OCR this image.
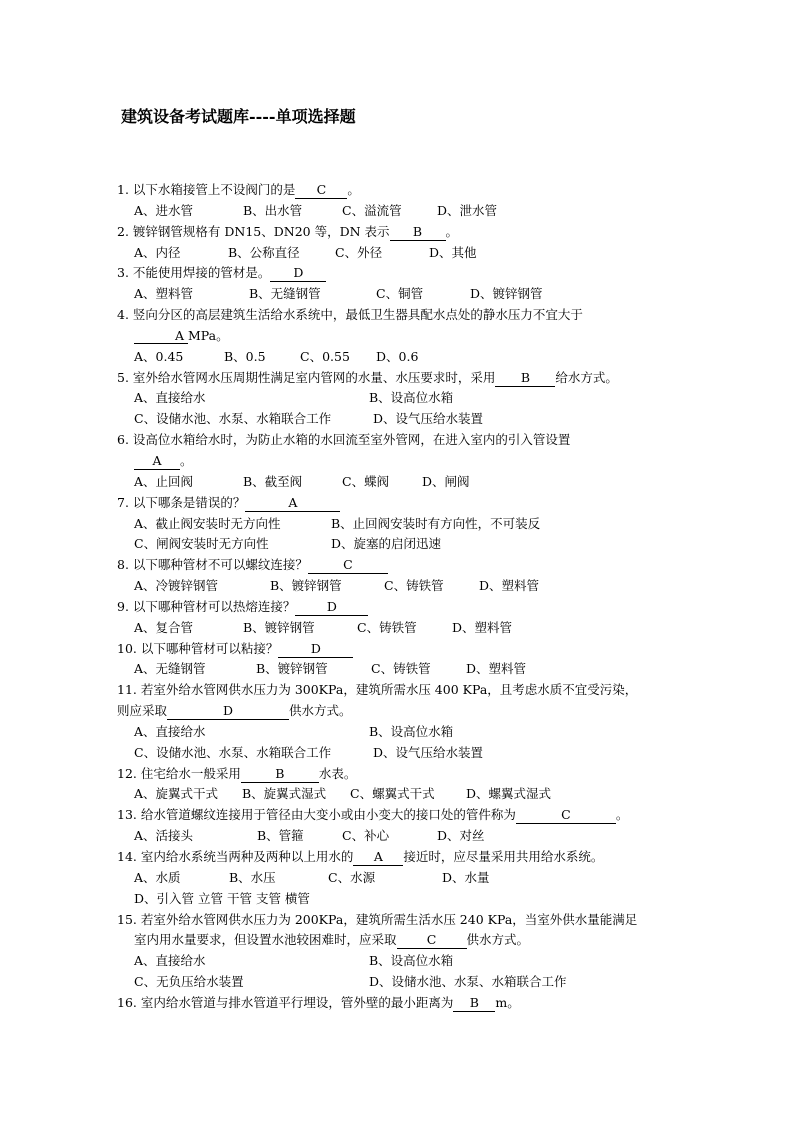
建筑设备考试题库----单项选择题
1. 以下水箱接管上不设阀门的是 C 。
A、进水管	B、出水管	C、溢流管	D、泄水管
2. 镀锌钢管规格有 DN15、DN20 等，DN 表示 B 。
A、内径	B、公称直径	C、外径	D、其他
3. 不能使用焊接的管材是。 D
A、塑料管	B、无缝钢管	C、铜管	D、镀锌钢管
4. 竖向分区的高层建筑生活给水系统中，最低卫生器具配水点处的静水压力不宜大于
A MPa。
A、0.45	B、0.5	C、0.55 D、0.6
5. 室外给水管网水压周期性满足室内管网的水量、水压要求时，采用 B 给水方式。
A、直接给水	B、设高位水箱
C、设储水池、水泵、水箱联合工作	D、设气压给水装置
6. 设高位水箱给水时，为防止水箱的水回流至室外管网，在进入室内的引入管设置
A 。
A、止回阀	B、截至阀	C、蝶阀	D、闸阀
7. 以下哪条是错误的？	A
A、截止阀安装时无方向性	B、止回阀安装时有方向性，不可装反
C、闸阀安装时无方向性	D、旋塞的启闭迅速
8. 以下哪种管材不可以螺纹连接？	C
A、冷镀锌钢管	B、镀锌钢管	C、铸铁管	D、塑料管
9. 以下哪种管材可以热熔连接？	D
A、复合管	B、镀锌钢管	C、铸铁管	D、塑料管
10. 以下哪种管材可以粘接？	D
A、无缝钢管	B、镀锌钢管	C、铸铁管	D、塑料管
11. 若室外给水管网供水压力为 300KPa，建筑所需水压 400 KPa，且考虑水质不宜受污染，
则应采取	D	供水方式。
A、直接给水	B、设高位水箱
C、设储水池、水泵、水箱联合工作	D、设气压给水装置
12. 住宅给水一般采用	B	水表。
A、旋翼式干式 B、旋翼式湿式 C、螺翼式干式	D、螺翼式湿式
13. 给水管道螺纹连接用于管径由大变小或由小变大的接口处的管件称为	C	。
A、活接头	B、管箍	C、补心	D、对丝
14. 室内给水系统当两种及两种以上用水的 A 接近时，应尽量采用共用给水系统。
A、水质	B、水压	C、水源	D、水量
D、引入管 立管 干管 支管 横管
15. 若室外给水管网供水压力为 200KPa，建筑所需生活水压 240 KPa，当室外供水量能满足
室内用水量要求，但设置水池较困难时，应采取 C 供水方式。
A、直接给水	B、设高位水箱
C、无负压给水装置	D、设储水池、水泵、水箱联合工作
16. 室内给水管道与排水管道平行埋设，管外壁的最小距离为 B m。
